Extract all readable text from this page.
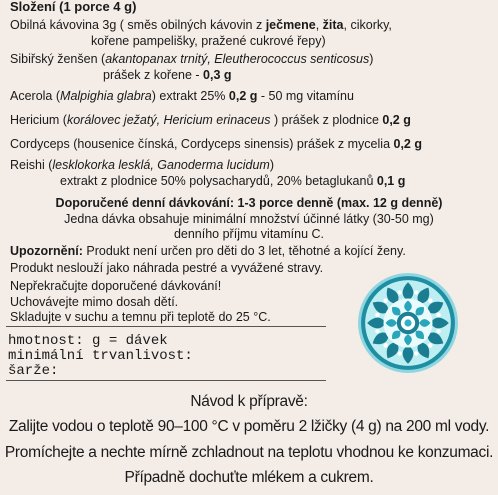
Složení (1 porce 4 g)
Obilná kávovina 3g ( směs obilných kávovin z ječmene, žita, cikorky,
kořene pampelišky, pražené cukrové řepy)
Sibiřský ženšen (akantopanax trnitý, Eleutherococcus senticosus)
prášek z kořene - 0,3 g
Acerola (Malpighia glabra) extrakt 25% 0,2 g - 50 mg vitamínu
Hericium (korálovec ježatý, Hericium erinaceus ) prášek z plodnice 0,2 g
Cordyceps (housenice čínská, Cordyceps sinensis) prášek z mycelia 0,2 g
Reishi (lesklokorka lesklá, Ganoderma lucidum)
extrakt z plodnice 50% polysacharydů, 20% betaglukanů 0,1 g
Doporučené denní dávkování: 1-3 porce denně (max. 12 g denně)
Jedna dávka obsahuje minimální množství účinné látky (30-50 mg)
denního příjmu vitamínu C.
Upozornění: Produkt není určen pro děti do 3 let, těhotné a kojící ženy.
Produkt neslouží jako náhrada pestré a vyvážené stravy.
Nepřekračujte doporučené dávkování!
Uchovávejte mimo dosah dětí.
Skladujte v suchu a temnu při teplotě do 25 °C.
hmotnost: g = dávek
minimální trvanlivost:
šarže:
Návod k přípravě:
Zalijte vodou o teplotě 90–100 °C v poměru 2 lžičky (4 g) na 200 ml vody.
Promíchejte a nechte mírně zchladnout na teplotu vhodnou ke konzumaci.
Případně dochuťte mlékem a cukrem.
